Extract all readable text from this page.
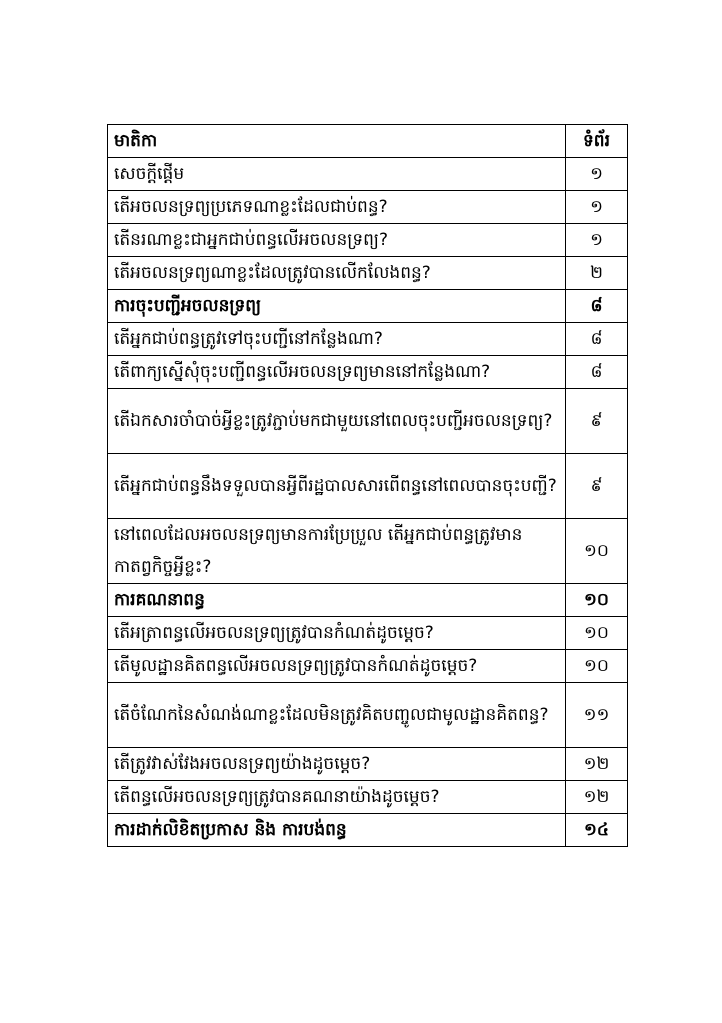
មាតិកា	ទំព័រ
សេចក្តីផ្តើម	១
តើអចលនទ្រព្យប្រភេទណាខ្លះដែលជាប់ពន្ធ?	១
តើនរណាខ្លះជាអ្នកជាប់ពន្ធលើអចលនទ្រព្យ?	១
តើអចលនទ្រព្យណាខ្លះដែលត្រូវបានលើកលែងពន្ធ?	២
ការចុះបញ្ជីអចលនទ្រព្យ	៨
តើអ្នកជាប់ពន្ធត្រូវទៅចុះបញ្ជីនៅកន្លែងណា?	៨
តើពាក្យស្នើសុំចុះបញ្ជីពន្ធលើអចលនទ្រព្យមាននៅកន្លែងណា?	៨
តើឯកសារចាំបាច់អ្វីខ្លះត្រូវភ្ជាប់មកជាមួយនៅពេលចុះបញ្ជីអចលនទ្រព្យ?	៩
តើអ្នកជាប់ពន្ធនឹងទទួលបានអ្វីពីរដ្ឋបាលសារពើពន្ធនៅពេលបានចុះបញ្ជី?	៩
នៅពេលដែលអចលនទ្រព្យមានការប្រែប្រួល តើអ្នកជាប់ពន្ធត្រូវមានកាតព្វកិច្ចអ្វីខ្លះ?	១០
ការគណនាពន្ធ	១០
តើអត្រាពន្ធលើអចលនទ្រព្យត្រូវបានកំណត់ដូចម្តេច?	១០
តើមូលដ្ឋានគិតពន្ធលើអចលនទ្រព្យត្រូវបានកំណត់ដូចម្តេច?	១០
តើចំណែកនៃសំណង់ណាខ្លះដែលមិនត្រូវគិតបញ្ចូលជាមូលដ្ឋានគិតពន្ធ?	១១
តើត្រូវវាស់វែងអចលនទ្រព្យយ៉ាងដូចម្តេច?	១២
តើពន្ធលើអចលនទ្រព្យត្រូវបានគណនាយ៉ាងដូចម្តេច?	១២
ការដាក់លិខិតប្រកាស និង ការបង់ពន្ធ	១៤
